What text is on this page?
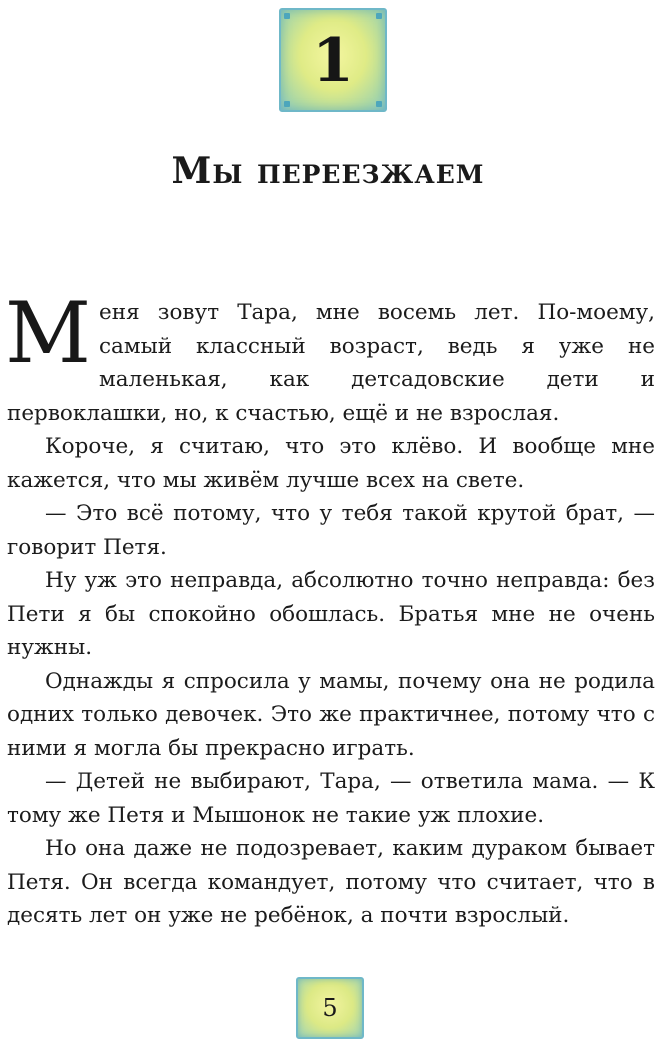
1
Мы переезжаем

Меня зовут Тара, мне восемь лет. По-моему, самый классный возраст, ведь я уже не маленькая, как детсадовские дети и первоклашки, но, к счастью, ещё и не взрослая.

Короче, я считаю, что это клёво. И вообще мне кажется, что мы живём лучше всех на свете.

— Это всё потому, что у тебя такой крутой брат, — говорит Петя.

Ну уж это неправда, абсолютно точно неправда: без Пети я бы спокойно обошлась. Братья мне не очень нужны.

Однажды я спросила у мамы, почему она не родила одних только девочек. Это же практичнее, потому что с ними я могла бы прекрасно играть.

— Детей не выбирают, Тара, — ответила мама. — К тому же Петя и Мышонок не такие уж плохие.

Но она даже не подозревает, каким дураком бывает Петя. Он всегда командует, потому что считает, что в десять лет он уже не ребёнок, а почти взрослый.

5
